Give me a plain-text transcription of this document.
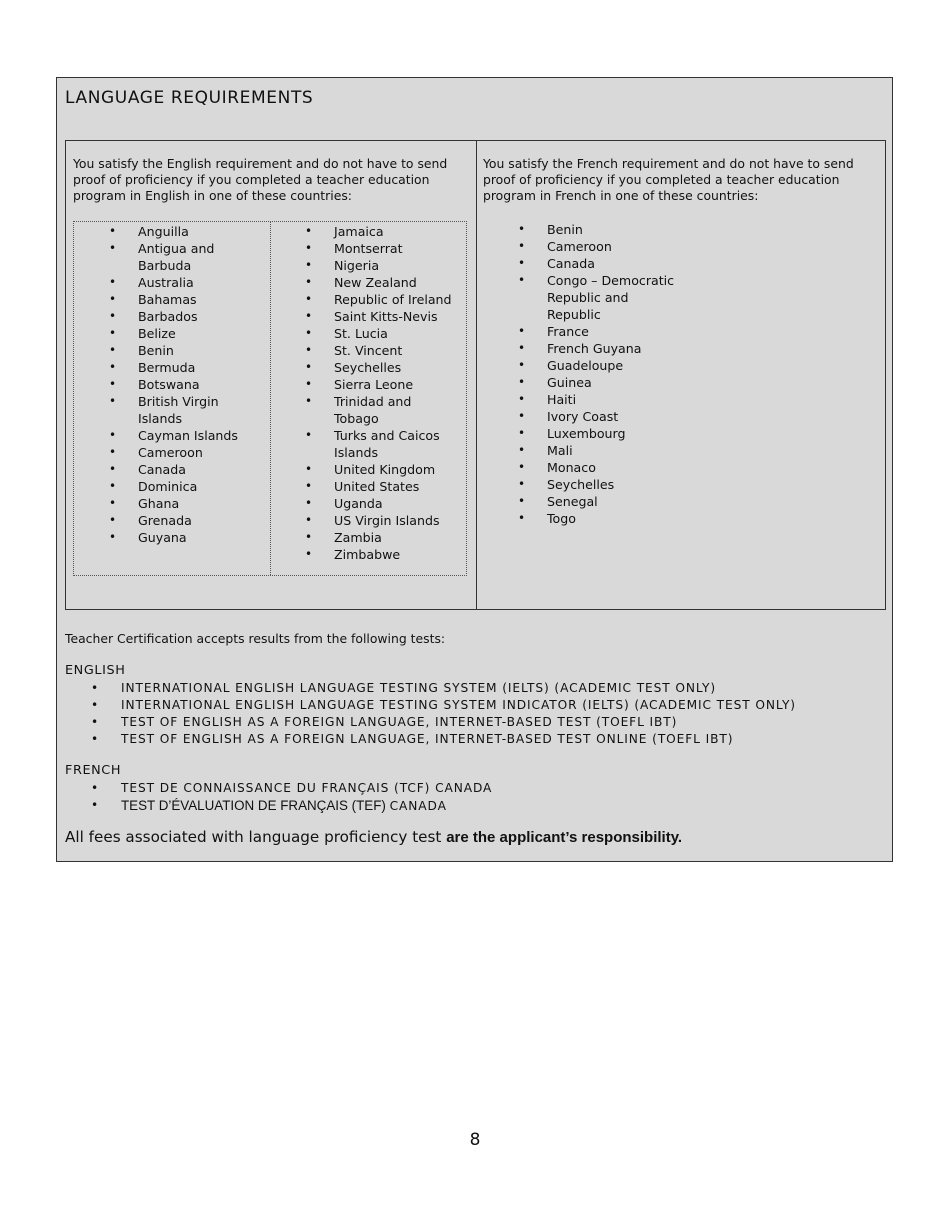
LANGUAGE REQUIREMENTS
You satisfy the English requirement and do not have to send proof of proficiency if you completed a teacher education program in English in one of these countries:
• Anguilla
• Antigua and Barbuda
• Australia
• Bahamas
• Barbados
• Belize
• Benin
• Bermuda
• Botswana
• British Virgin Islands
• Cayman Islands
• Cameroon
• Canada
• Dominica
• Ghana
• Grenada
• Guyana
• Jamaica
• Montserrat
• Nigeria
• New Zealand
• Republic of Ireland
• Saint Kitts-Nevis
• St. Lucia
• St. Vincent
• Seychelles
• Sierra Leone
• Trinidad and Tobago
• Turks and Caicos Islands
• United Kingdom
• United States
• Uganda
• US Virgin Islands
• Zambia
• Zimbabwe
You satisfy the French requirement and do not have to send proof of proficiency if you completed a teacher education program in French in one of these countries:
• Benin
• Cameroon
• Canada
• Congo – Democratic Republic and Republic
• France
• French Guyana
• Guadeloupe
• Guinea
• Haiti
• Ivory Coast
• Luxembourg
• Mali
• Monaco
• Seychelles
• Senegal
• Togo
Teacher Certification accepts results from the following tests:
ENGLISH
• INTERNATIONAL ENGLISH LANGUAGE TESTING SYSTEM (IELTS) (ACADEMIC TEST ONLY)
• INTERNATIONAL ENGLISH LANGUAGE TESTING SYSTEM INDICATOR (IELTS) (ACADEMIC TEST ONLY)
• TEST OF ENGLISH AS A FOREIGN LANGUAGE, INTERNET-BASED TEST (TOEFL IBT)
• TEST OF ENGLISH AS A FOREIGN LANGUAGE, INTERNET-BASED TEST ONLINE (TOEFL IBT)
FRENCH
• TEST DE CONNAISSANCE DU FRANÇAIS (TCF) CANADA
• TEST D’ÉVALUATION DE FRANÇAIS (TEF) CANADA
All fees associated with language proficiency test are the applicant’s responsibility.
8
